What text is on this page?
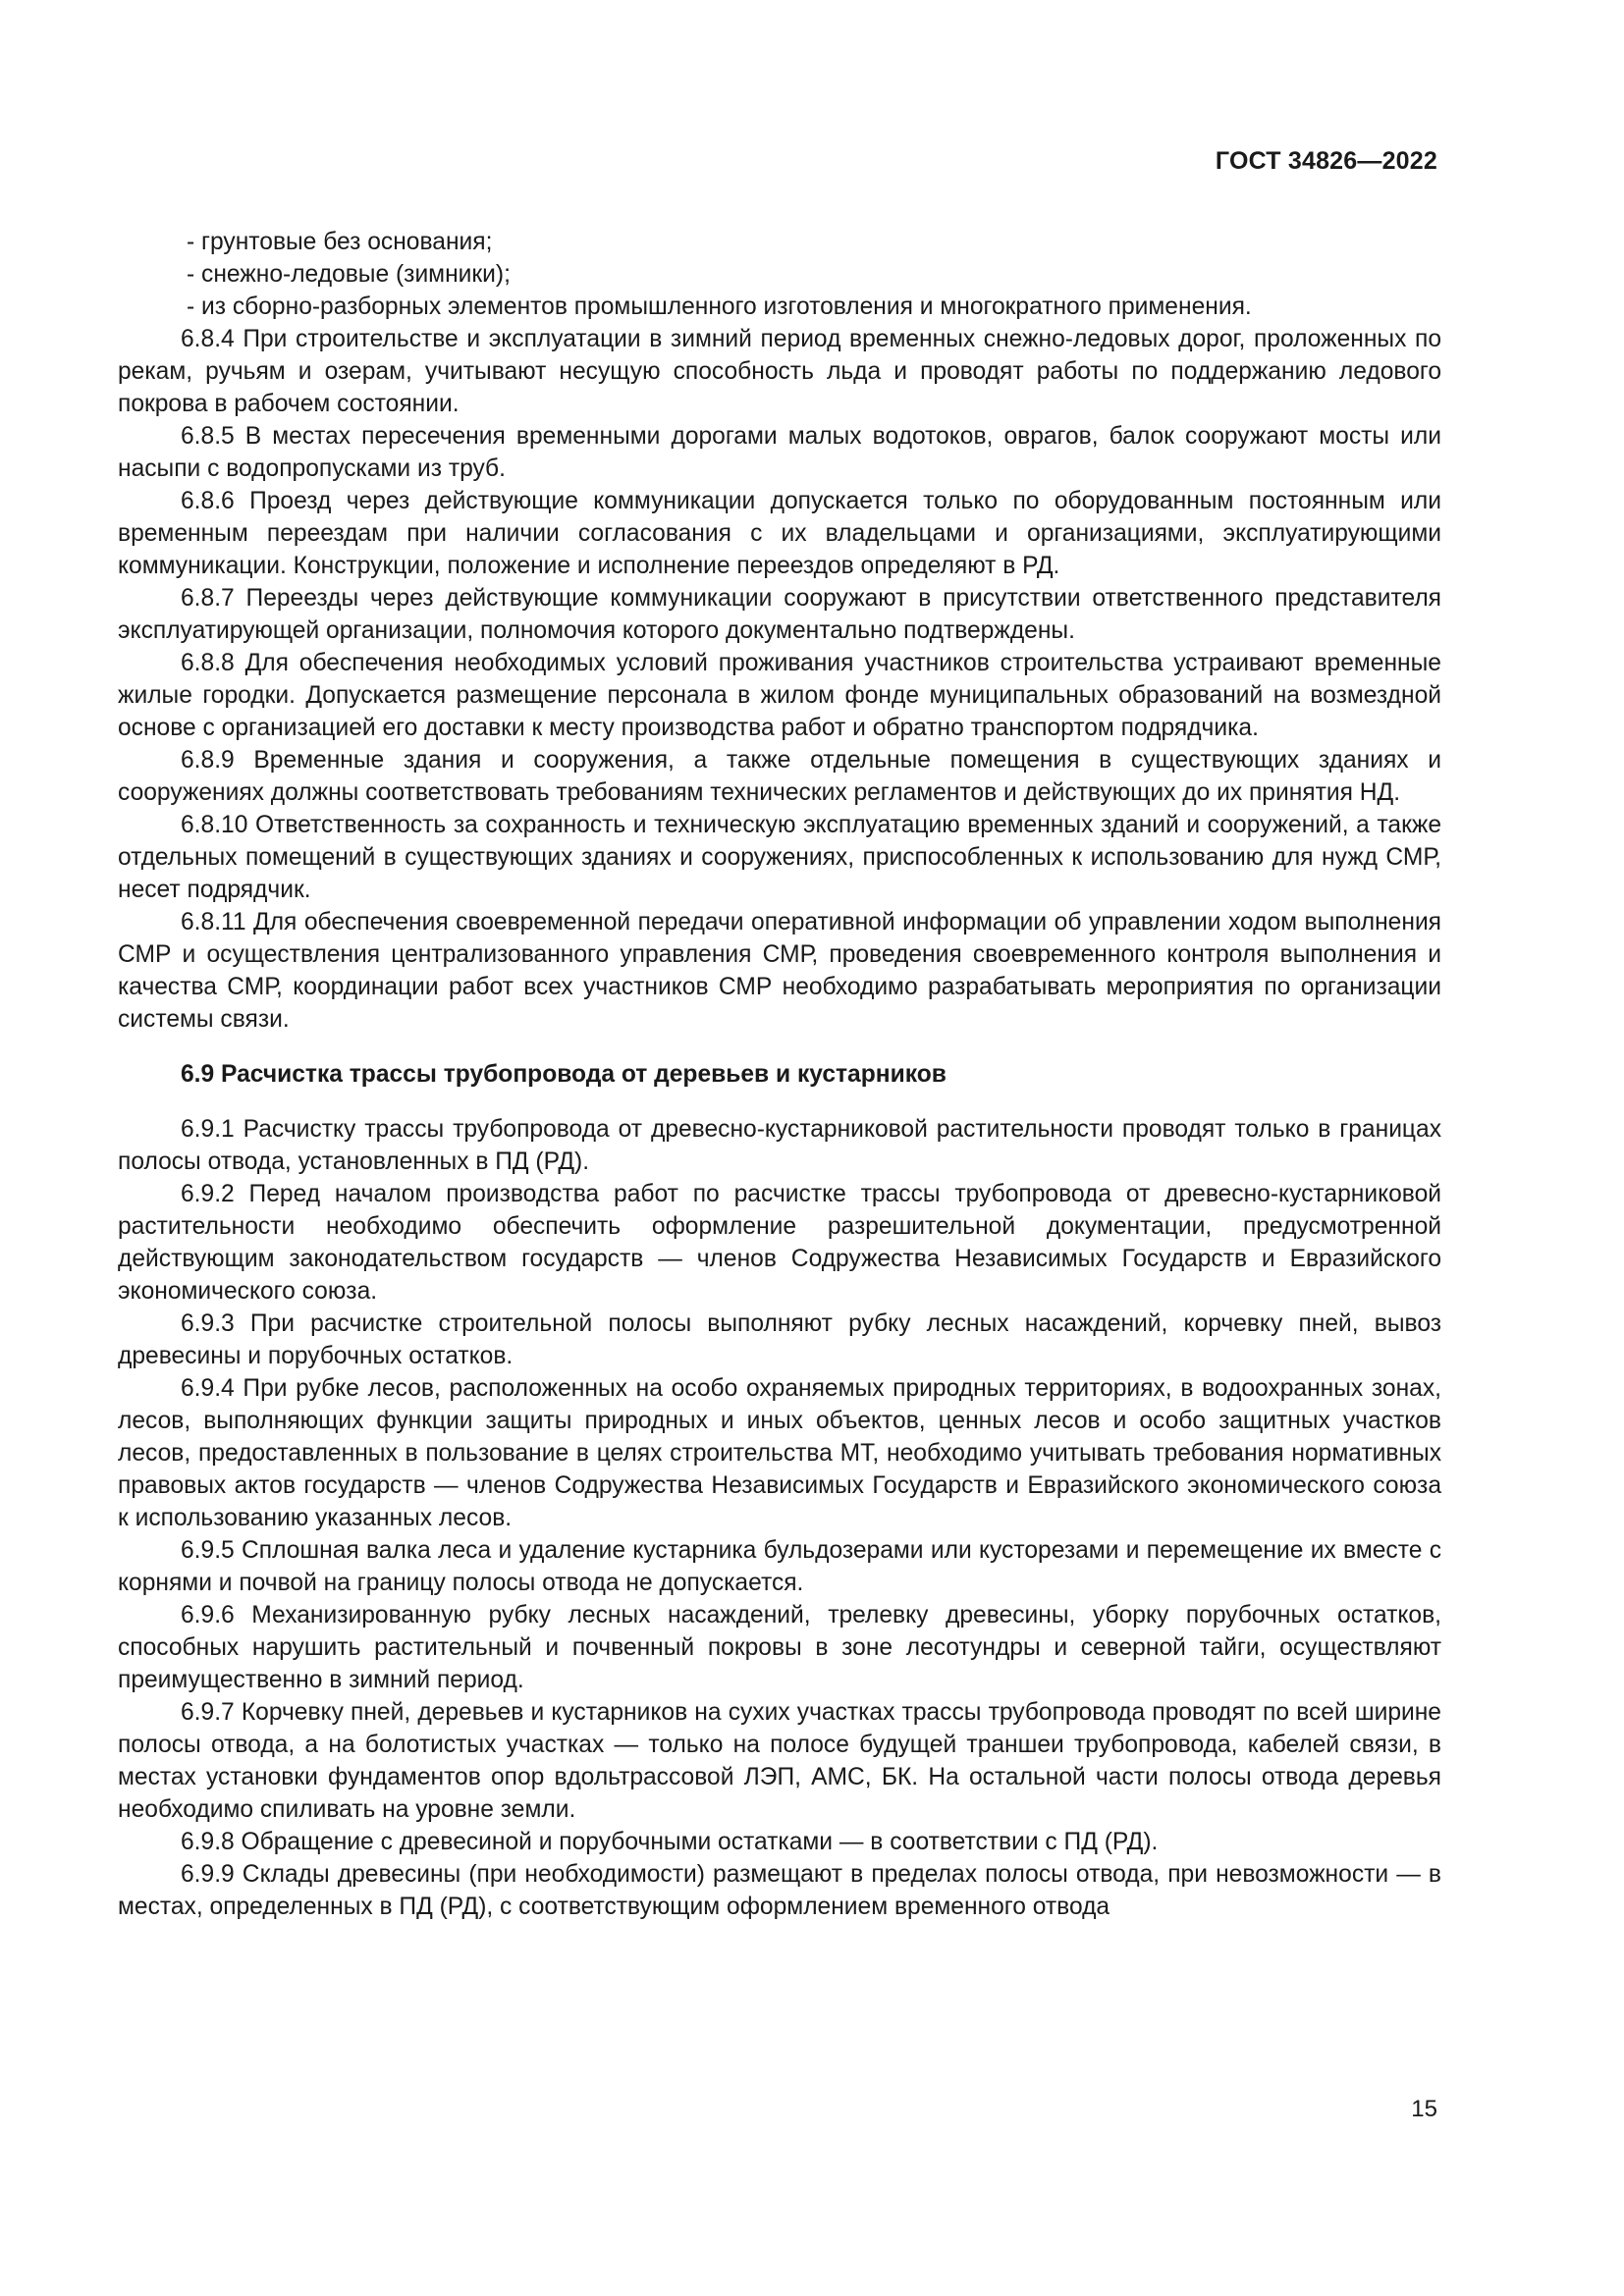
ГОСТ 34826—2022

- грунтовые без основания;

- снежно-ледовые (зимники);

- из сборно-разборных элементов промышленного изготовления и многократного применения.

6.8.4 При строительстве и эксплуатации в зимний период временных снежно-ледовых дорог, проложенных по рекам, ручьям и озерам, учитывают несущую способность льда и проводят работы по поддержанию ледового покрова в рабочем состоянии.

6.8.5 В местах пересечения временными дорогами малых водотоков, оврагов, балок сооружают мосты или насыпи с водопропусками из труб.

6.8.6 Проезд через действующие коммуникации допускается только по оборудованным постоянным или временным переездам при наличии согласования с их владельцами и организациями, эксплуатирующими коммуникации. Конструкции, положение и исполнение переездов определяют в РД.

6.8.7 Переезды через действующие коммуникации сооружают в присутствии ответственного представителя эксплуатирующей организации, полномочия которого документально подтверждены.

6.8.8 Для обеспечения необходимых условий проживания участников строительства устраивают временные жилые городки. Допускается размещение персонала в жилом фонде муниципальных образований на возмездной основе с организацией его доставки к месту производства работ и обратно транспортом подрядчика.

6.8.9 Временные здания и сооружения, а также отдельные помещения в существующих зданиях и сооружениях должны соответствовать требованиям технических регламентов и действующих до их принятия НД.

6.8.10 Ответственность за сохранность и техническую эксплуатацию временных зданий и сооружений, а также отдельных помещений в существующих зданиях и сооружениях, приспособленных к использованию для нужд СМР, несет подрядчик.

6.8.11 Для обеспечения своевременной передачи оперативной информации об управлении ходом выполнения СМР и осуществления централизованного управления СМР, проведения своевременного контроля выполнения и качества СМР, координации работ всех участников СМР необходимо разрабатывать мероприятия по организации системы связи.

6.9 Расчистка трассы трубопровода от деревьев и кустарников

6.9.1 Расчистку трассы трубопровода от древесно-кустарниковой растительности проводят только в границах полосы отвода, установленных в ПД (РД).

6.9.2 Перед началом производства работ по расчистке трассы трубопровода от древесно-кустарниковой растительности необходимо обеспечить оформление разрешительной документации, предусмотренной действующим законодательством государств — членов Содружества Независимых Государств и Евразийского экономического союза.

6.9.3 При расчистке строительной полосы выполняют рубку лесных насаждений, корчевку пней, вывоз древесины и порубочных остатков.

6.9.4 При рубке лесов, расположенных на особо охраняемых природных территориях, в водоохранных зонах, лесов, выполняющих функции защиты природных и иных объектов, ценных лесов и особо защитных участков лесов, предоставленных в пользование в целях строительства МТ, необходимо учитывать требования нормативных правовых актов государств — членов Содружества Независимых Государств и Евразийского экономического союза к использованию указанных лесов.

6.9.5 Сплошная валка леса и удаление кустарника бульдозерами или кусторезами и перемещение их вместе с корнями и почвой на границу полосы отвода не допускается.

6.9.6 Механизированную рубку лесных насаждений, трелевку древесины, уборку порубочных остатков, способных нарушить растительный и почвенный покровы в зоне лесотундры и северной тайги, осуществляют преимущественно в зимний период.

6.9.7 Корчевку пней, деревьев и кустарников на сухих участках трассы трубопровода проводят по всей ширине полосы отвода, а на болотистых участках — только на полосе будущей траншеи трубопровода, кабелей связи, в местах установки фундаментов опор вдольтрассовой ЛЭП, АМС, БК. На остальной части полосы отвода деревья необходимо спиливать на уровне земли.

6.9.8 Обращение с древесиной и порубочными остатками — в соответствии с ПД (РД).

6.9.9 Склады древесины (при необходимости) размещают в пределах полосы отвода, при невозможности — в местах, определенных в ПД (РД), с соответствующим оформлением временного отвода

15
